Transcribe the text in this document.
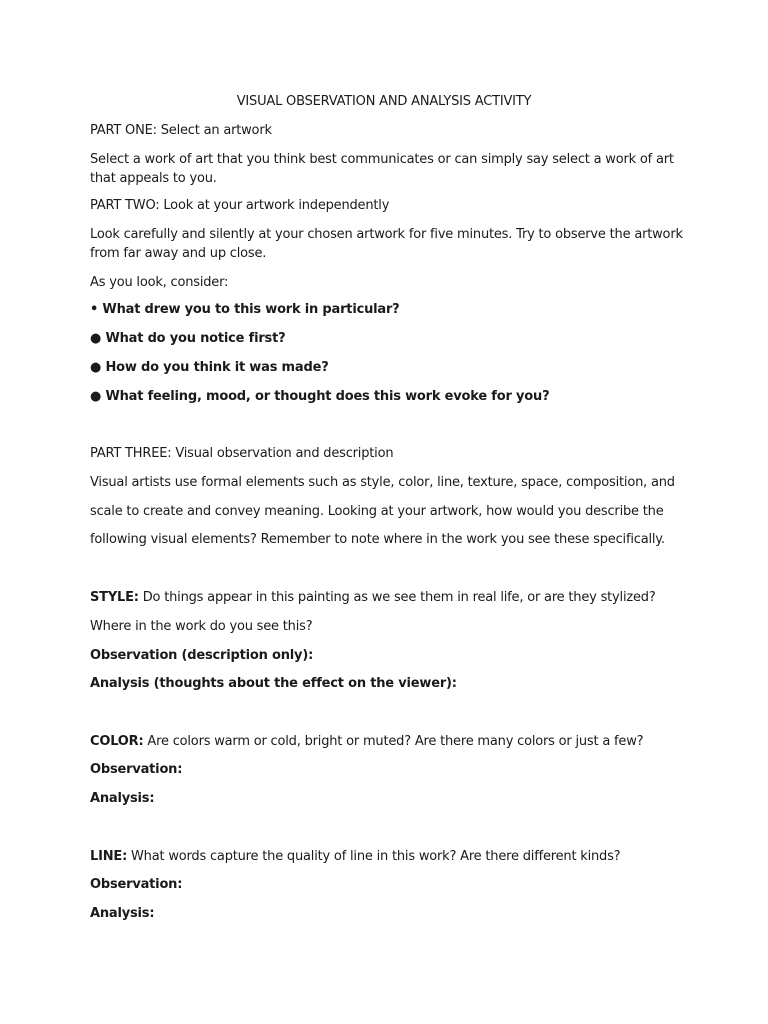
VISUAL OBSERVATION AND ANALYSIS ACTIVITY
PART ONE: Select an artwork
Select a work of art that you think best communicates or can simply say select a work of art
that appeals to you.
PART TWO: Look at your artwork independently
Look carefully and silently at your chosen artwork for five minutes. Try to observe the artwork
from far away and up close.
As you look, consider:
• What drew you to this work in particular?
● What do you notice first?
● How do you think it was made?
● What feeling, mood, or thought does this work evoke for you?
PART THREE: Visual observation and description
Visual artists use formal elements such as style, color, line, texture, space, composition, and
scale to create and convey meaning. Looking at your artwork, how would you describe the
following visual elements? Remember to note where in the work you see these specifically.
STYLE: Do things appear in this painting as we see them in real life, or are they stylized?
Where in the work do you see this?
Observation (description only):
Analysis (thoughts about the effect on the viewer):
COLOR: Are colors warm or cold, bright or muted? Are there many colors or just a few?
Observation:
Analysis:
LINE: What words capture the quality of line in this work? Are there different kinds?
Observation:
Analysis:
